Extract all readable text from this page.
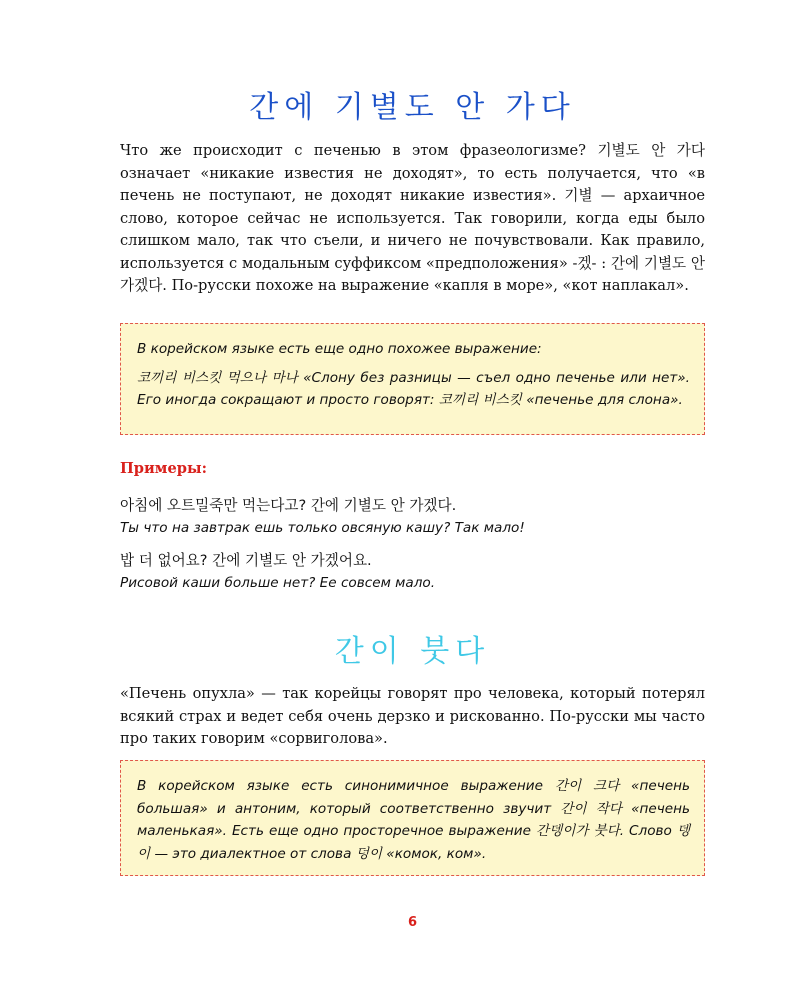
간에 기별도 안 가다

Что же происходит с печенью в этом фразеологизме? 기별도 안 가다 означает «никакие известия не доходят», то есть получается, что «в печень не поступают, не доходят никакие известия». 기별 — архаичное слово, которое сейчас не используется. Так говорили, когда еды было слишком мало, так что съели, и ничего не почувствовали. Как правило, используется с модальным суффиксом «предположения» -겠- : 간에 기별도 안 가겠다. По-русски похоже на выражение «капля в море», «кот наплакал».

В корейском языке есть еще одно похожее выражение:

코끼리 비스킷 먹으나 마나 «Слону без разницы — съел одно печенье или нет». Его иногда сокращают и просто говорят: 코끼리 비스킷 «печенье для слона».

Примеры:
아침에 오트밀죽만 먹는다고? 간에 기별도 안 가겠다.
Ты что на завтрак ешь только овсяную кашу? Так мало!
밥 더 없어요? 간에 기별도 안 가겠어요.
Рисовой каши больше нет? Ее совсем мало.
간이 붓다

«Печень опухла» — так корейцы говорят про человека, который потерял всякий страх и ведет себя очень дерзко и рискованно. По-русски мы часто про таких говорим «сорвиголова».

В корейском языке есть синонимичное выражение 간이 크다 «печень большая» и антоним, который соответственно звучит 간이 작다 «печень маленькая». Есть еще одно просторечное выражение 간뎅이가 붓다. Слово 뎅이 — это диалектное от слова 덩이 «комок, ком».

6
